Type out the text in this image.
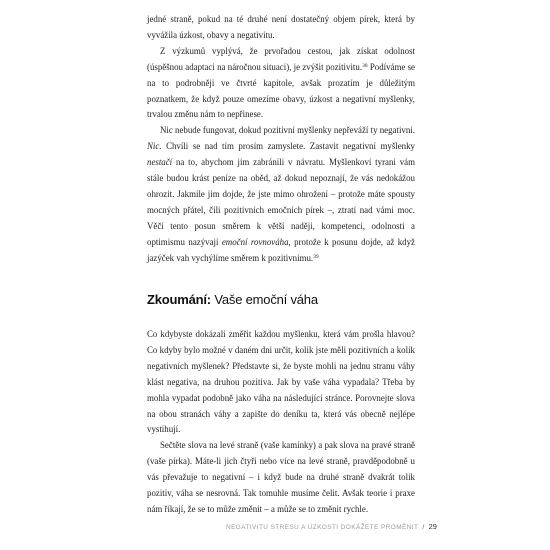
jedné straně, pokud na té druhé není dostatečný objem pírek, která by vyvážila úzkost, obavy a negativitu.

Z výzkumů vyplývá, že prvořadou cestou, jak získat odolnost (úspěšnou adaptaci na náročnou situaci), je zvýšit pozitivitu.$^{38}$ Podíváme se na to podrobněji ve čtvrté kapitole, avšak prozatím je důležitým poznatkem, že když pouze omezíme obavy, úzkost a negativní myšlenky, trvalou změnu nám to nepřinese.

Nic nebude fungovat, dokud pozitivní myšlenky nepřeváží ty negativní. Nic. Chvíli se nad tím prosím zamyslete. Zastavit negativní myšlenky nestačí na to, abychom jim zabránili v návratu. Myšlenkoví tyrani vám stále budou krást peníze na oběd, až dokud nepoznají, že vás nedokážou ohrozit. Jakmile jim dojde, že jste mimo ohrožení – protože máte spousty mocných přátel, čili pozitivních emočních pírek –, ztratí nad vámi moc. Věčí tento posun směrem k větší naději, kompetenci, odolnosti a optimismu nazývají emoční rovnováha, protože k posunu dojde, až když jazýček vah vychýlíme směrem k pozitivnímu.$^{39}$

Zkoumání: Vaše emoční váha

Co kdybyste dokázali změřit každou myšlenku, která vám prošla hlavou? Co kdyby bylo možné v daném dni určit, kolik jste měli pozitivních a kolik negativních myšlenek? Představte si, že byste mohli na jednu stranu váhy klást negativa, na druhou pozitiva. Jak by vaše váha vypadala? Třeba by mohla vypadat podobně jako váha na následující stránce. Porovnejte slova na obou stranách váhy a zapište do deníku ta, která vás obecně nejlépe vystihují.

Sečtěte slova na levé straně (vaše kamínky) a pak slova na pravé straně (vaše pírka). Máte-li jich čtyři nebo více na levé straně, pravděpodobně u vás převažuje to negativní – i když bude na druhé straně dvakrát tolik pozitiv, váha se nesrovná. Tak tomuhle musíme čelit. Avšak teorie i praxe nám říkají, že se to může změnit – a může se to změnit rychle.

NEGATIVITU STRESU A ÚZKOSTI DOKÁŽETE PROMĚNIT / 29
